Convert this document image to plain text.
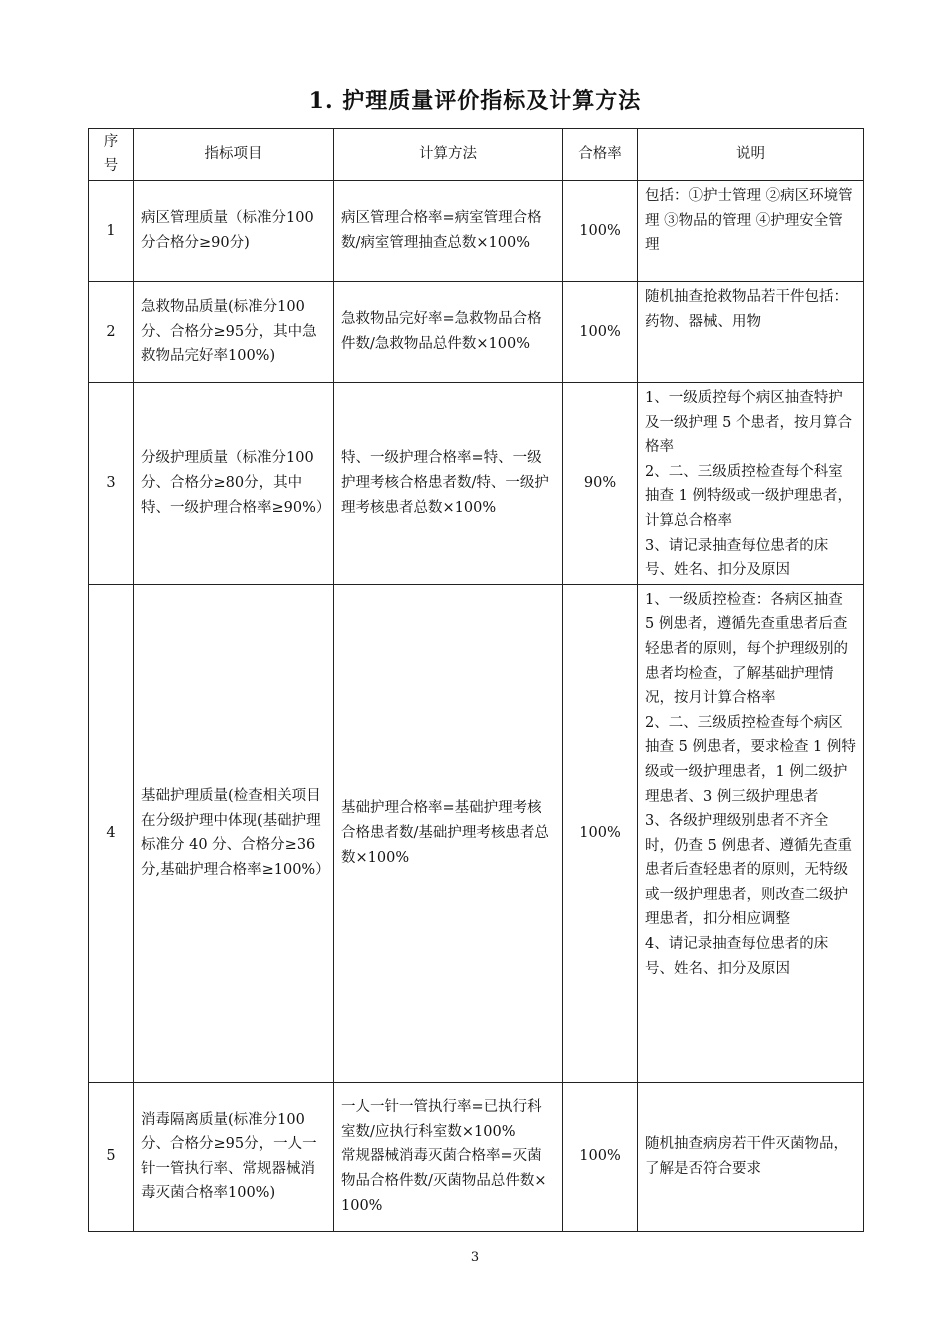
1. 护理质量评价指标及计算方法
序号	指标项目	计算方法	合格率	说明
1	病区管理质量（标准分100分合格分≥90分)	病区管理合格率=病室管理合格数/病室管理抽查总数×100%	100%	包括：①护士管理 ②病区环境管理 ③物品的管理 ④护理安全管理
2	急救物品质量(标准分100分、合格分≥95分，其中急救物品完好率100%)	急救物品完好率=急救物品合格件数/急救物品总件数×100%	100%	随机抽查抢救物品若干件包括：药物、器械、用物
3	分级护理质量（标准分100分、合格分≥80分，其中特、一级护理合格率≥90%）	特、一级护理合格率=特、一级护理考核合格患者数/特、一级护理考核患者总数×100%	90%	1、一级质控每个病区抽查特护及一级护理 5 个患者，按月算合格率
2、二、三级质控检查每个科室抽查 1 例特级或一级护理患者，计算总合格率
3、请记录抽查每位患者的床号、姓名、扣分及原因

4	基础护理质量(检查相关项目在分级护理中体现(基础护理标准分 40 分、合格分≥36 分,基础护理合格率≥100%）	基础护理合格率=基础护理考核合格患者数/基础护理考核患者总数×100%	100%	1、一级质控检查：各病区抽查 5 例患者，遵循先查重患者后查轻患者的原则，每个护理级别的患者均检查，了解基础护理情况，按月计算合格率
2、二、三级质控检查每个病区抽查 5 例患者，要求检查 1 例特级或一级护理患者，1 例二级护理患者、3 例三级护理患者
3、各级护理级别患者不齐全时，仍查 5 例患者、遵循先查重患者后查轻患者的原则，无特级或一级护理患者，则改查二级护理患者，扣分相应调整
4、请记录抽查每位患者的床号、姓名、扣分及原因

5	消毒隔离质量(标准分100分、合格分≥95分，一人一针一管执行率、常规器械消毒灭菌合格率100%)	一人一针一管执行率=已执行科室数/应执行科室数×100%
常规器械消毒灭菌合格率=灭菌物品合格件数/灭菌物品总件数×100%	100%	随机抽查病房若干件灭菌物品，了解是否符合要求
3
